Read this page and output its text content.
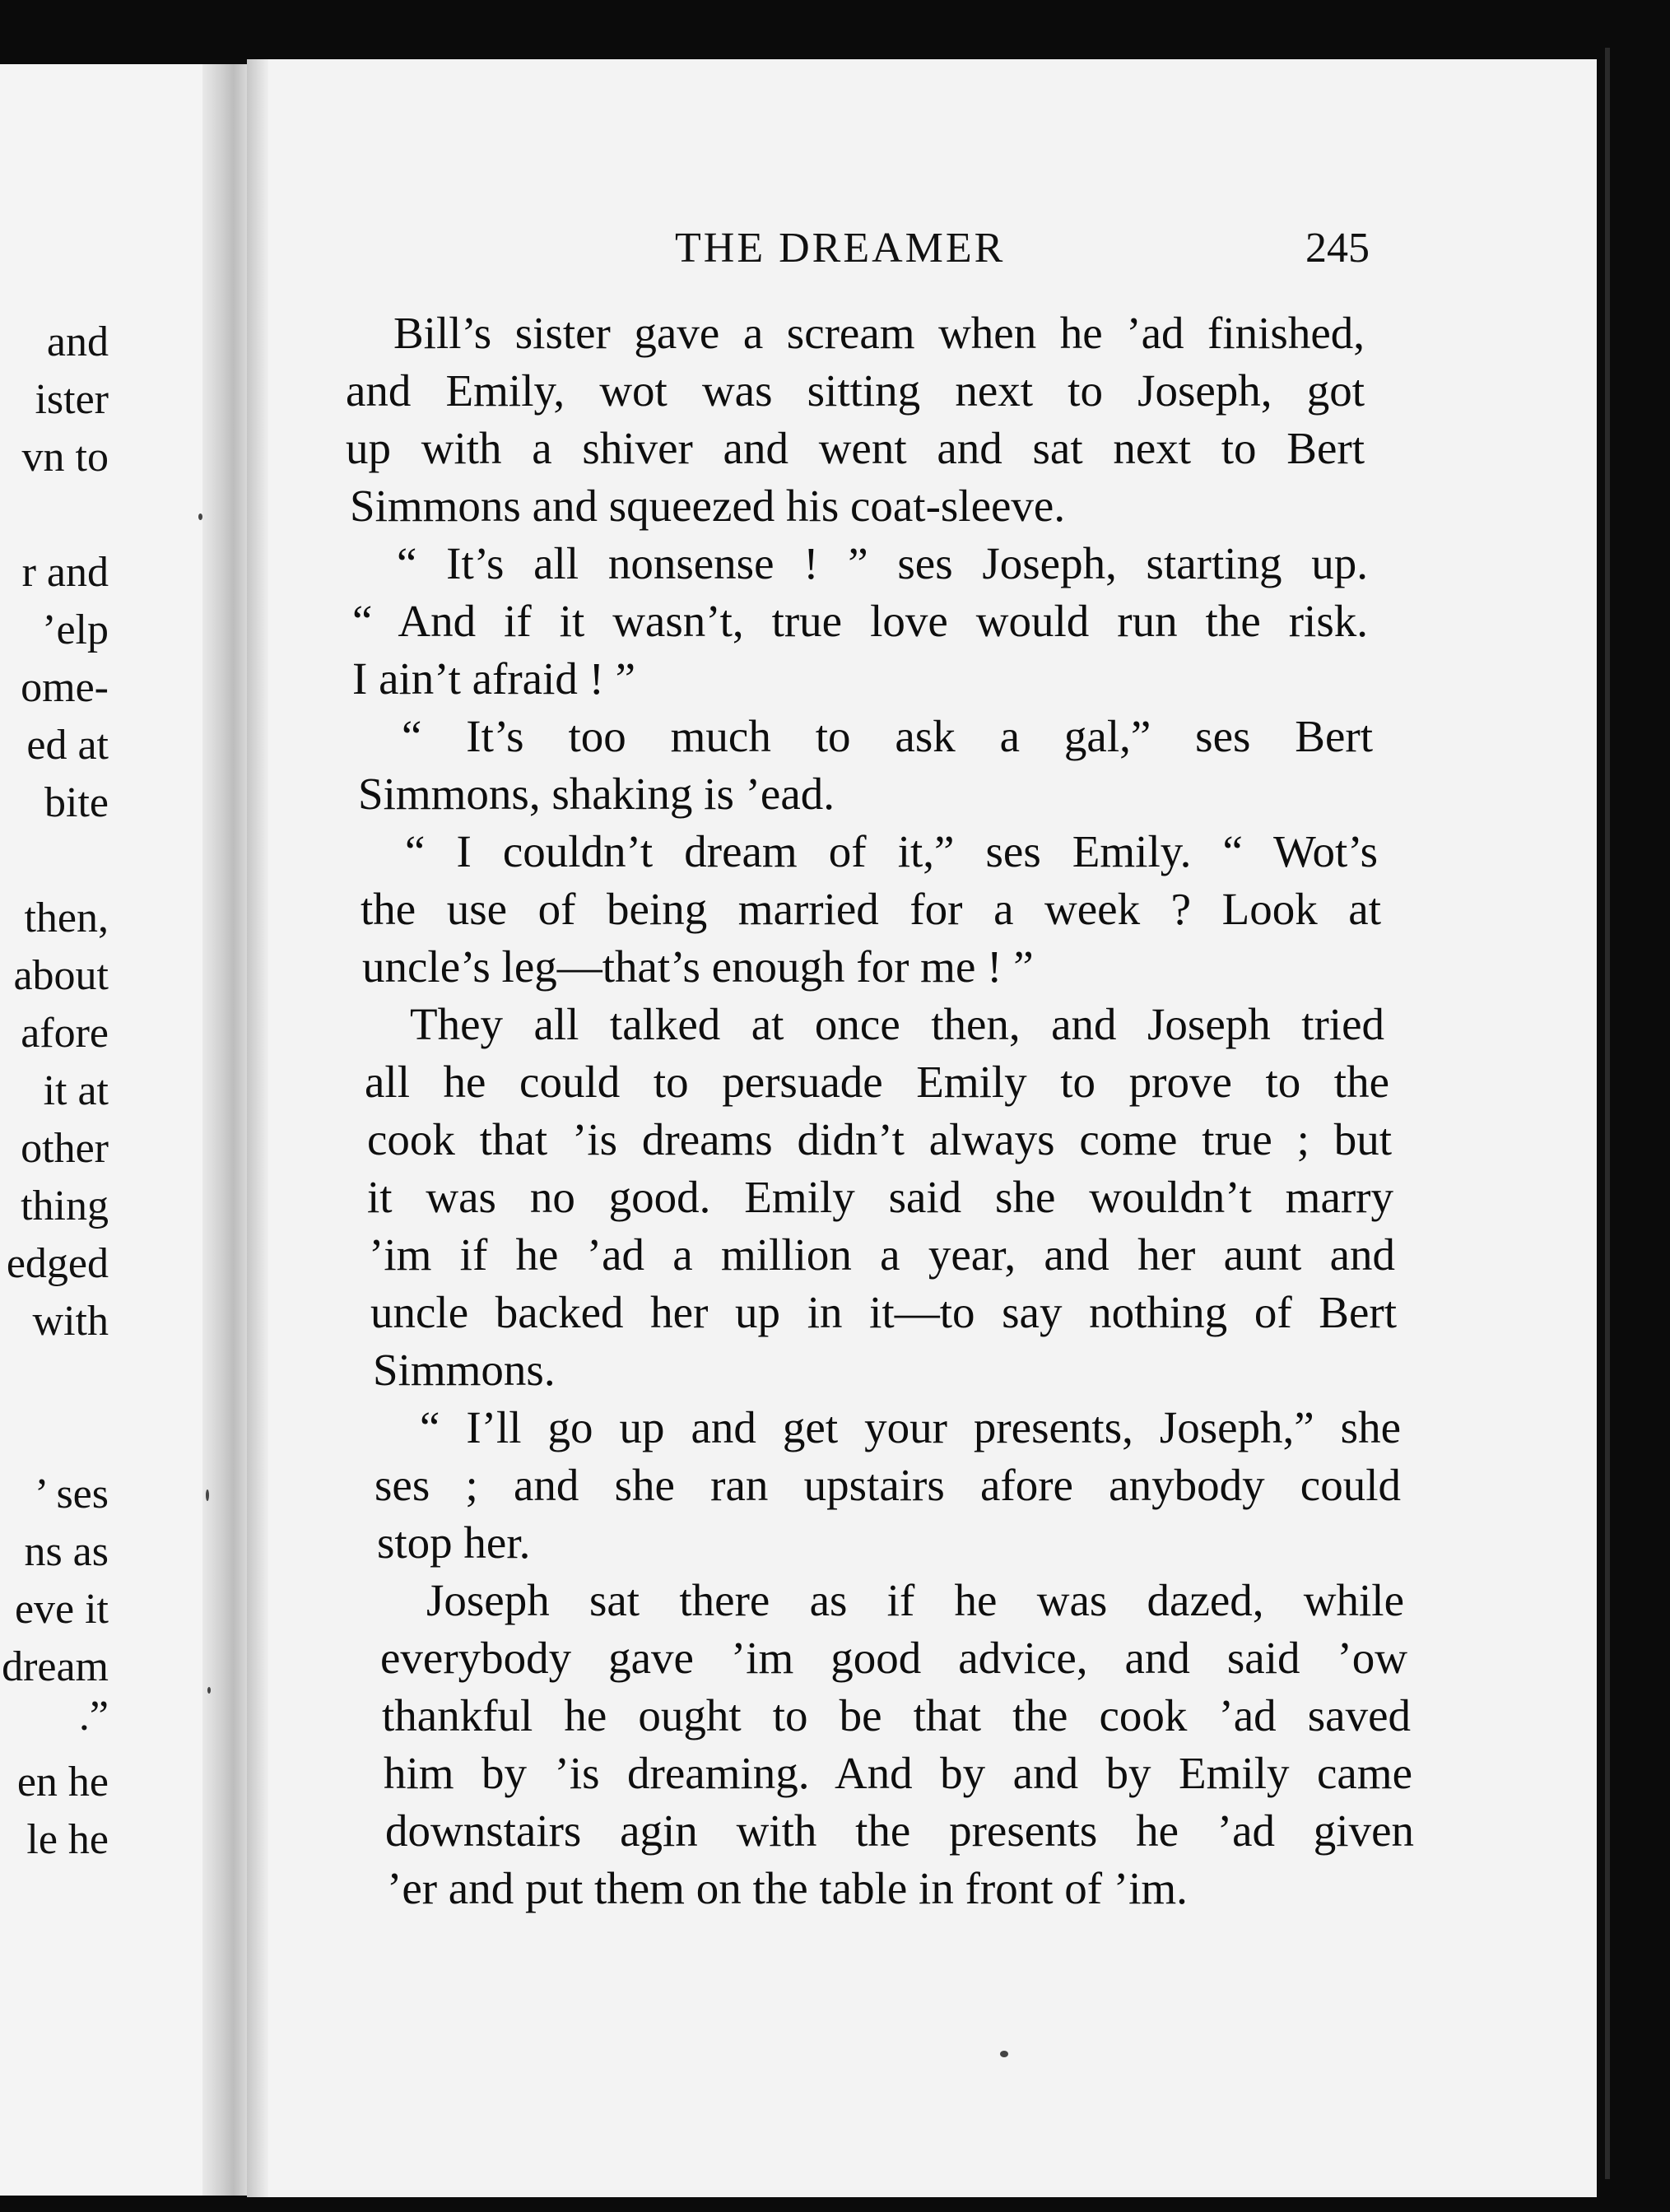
and
ister
vn to
r and
’elp
ome-
ed at
bite
then,
about
afore
it at
other
thing
edged
with
’ ses
ns as
eve it
dream
.”
en he
le he
THE DREAMER	245
Bill’s sister gave a scream when he ’ad finished,
and Emily, wot was sitting next to Joseph, got
up with a shiver and went and sat next to Bert
Simmons and squeezed his coat-sleeve.
“ It’s all nonsense ! ” ses Joseph, starting up.
“ And if it wasn’t, true love would run the risk.
I ain’t afraid ! ”
“ It’s too much to ask a gal,” ses Bert
Simmons, shaking is ’ead.
“ I couldn’t dream of it,” ses Emily. “ Wot’s
the use of being married for a week ? Look at
uncle’s leg—that’s enough for me ! ”
They all talked at once then, and Joseph tried
all he could to persuade Emily to prove to the
cook that ’is dreams didn’t always come true ; but
it was no good. Emily said she wouldn’t marry
’im if he ’ad a million a year, and her aunt and
uncle backed her up in it—to say nothing of Bert
Simmons.
“ I’ll go up and get your presents, Joseph,” she
ses ; and she ran upstairs afore anybody could
stop her.
Joseph sat there as if he was dazed, while
everybody gave ’im good advice, and said ’ow
thankful he ought to be that the cook ’ad saved
him by ’is dreaming. And by and by Emily came
downstairs agin with the presents he ’ad given
’er and put them on the table in front of ’im.
